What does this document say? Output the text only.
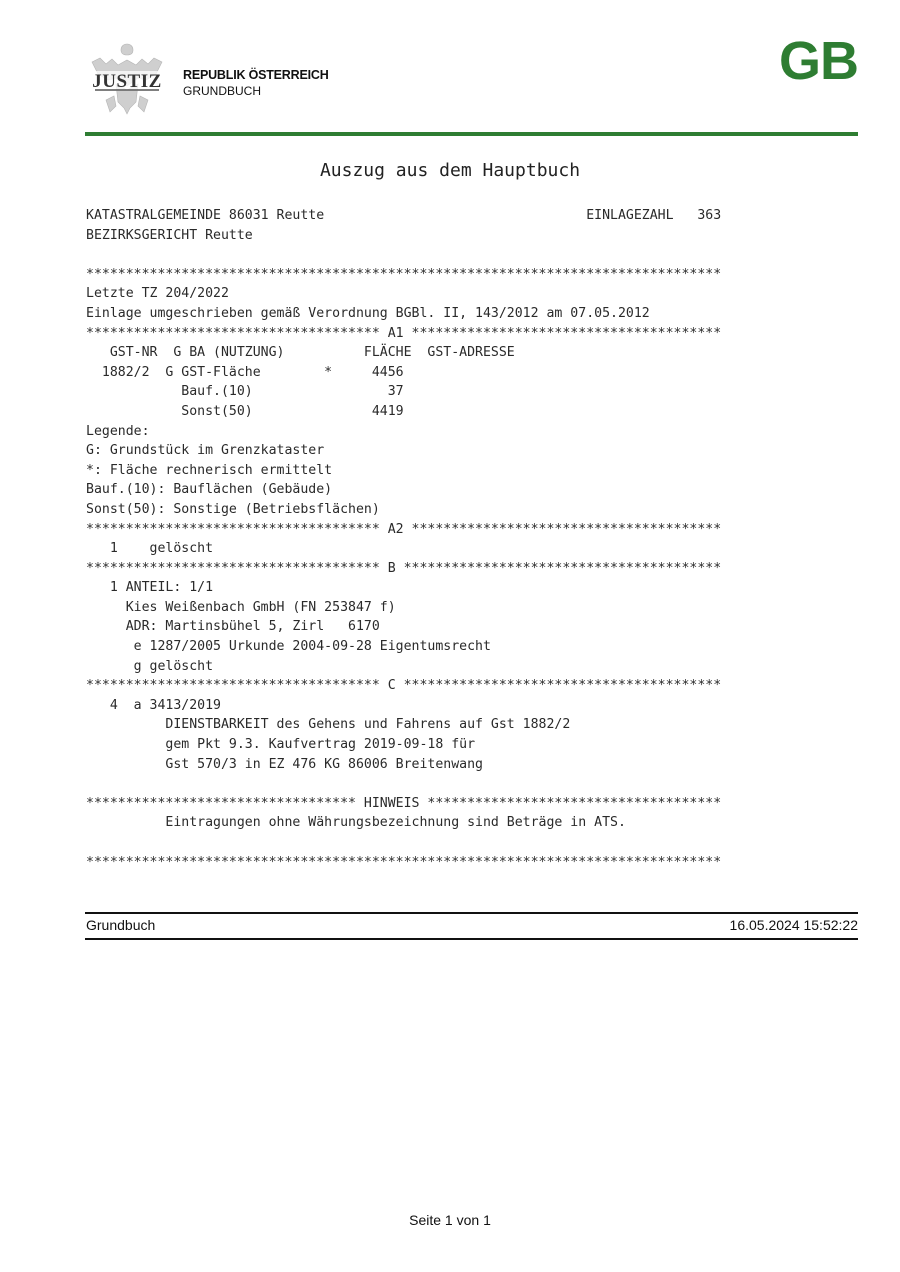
JUSTIZ REPUBLIK ÖSTERREICH
GRUNDBUCH	GB
Auszug aus dem Hauptbuch
KATASTRALGEMEINDE 86031 Reutte                                 EINLAGEZAHL   363
BEZIRKSGERICHT Reutte
********************************************************************************
Letzte TZ 204/2022
Einlage umgeschrieben gemäß Verordnung BGBl. II, 143/2012 am 07.05.2012
************************************* A1 ***************************************
GST-NR  G BA (NUTZUNG)          FLÄCHE  GST-ADRESSE
1882/2  G GST-Fläche        *     4456
Bauf.(10)                 37
Sonst(50)               4419
Legende:
G: Grundstück im Grenzkataster
*: Fläche rechnerisch ermittelt
Bauf.(10): Bauflächen (Gebäude)
Sonst(50): Sonstige (Betriebsflächen)
************************************* A2 ***************************************
1    gelöscht
************************************* B ****************************************
1 ANTEIL: 1/1
Kies Weißenbach GmbH (FN 253847 f)
ADR: Martinsbühel 5, Zirl   6170
e 1287/2005 Urkunde 2004-09-28 Eigentumsrecht
g gelöscht
************************************* C ****************************************
4  a 3413/2019
DIENSTBARKEIT des Gehens und Fahrens auf Gst 1882/2
gem Pkt 9.3. Kaufvertrag 2019-09-18 für
Gst 570/3 in EZ 476 KG 86006 Breitenwang
********************************** HINWEIS *************************************
Eintragungen ohne Währungsbezeichnung sind Beträge in ATS.
********************************************************************************
Grundbuch	16.05.2024 15:52:22
Seite 1 von 1
